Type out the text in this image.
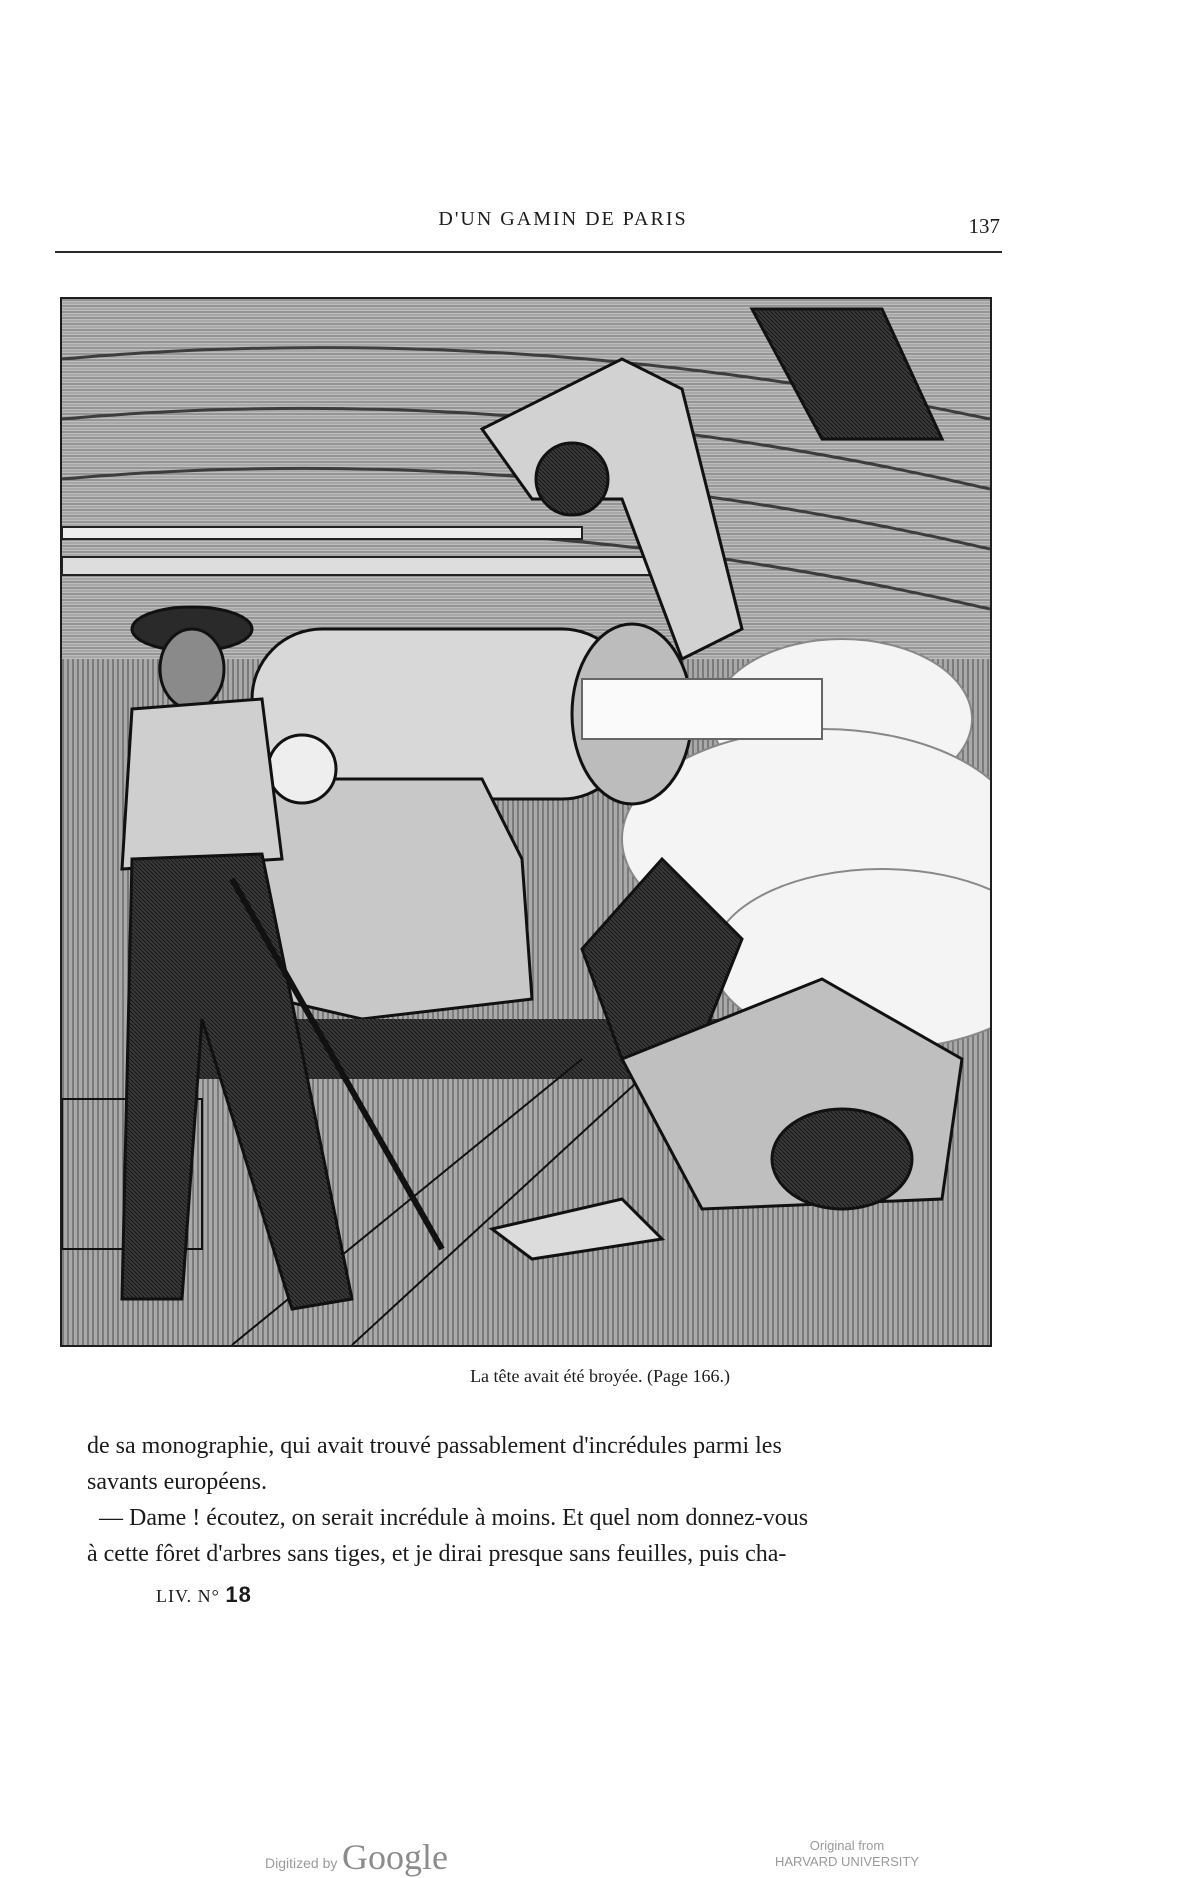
D'UN GAMIN DE PARIS	137
La tête avait été broyée. (Page 166.)

de sa monographie, qui avait trouvé passablement d'incrédules parmi les

savants européens.

— Dame ! écoutez, on serait incrédule à moins. Et quel nom donnez-vous

à cette fôret d'arbres sans tiges, et je dirai presque sans feuilles, puis cha-

LIV. N° 18
Digitized by Google	Original from
HARVARD UNIVERSITY
